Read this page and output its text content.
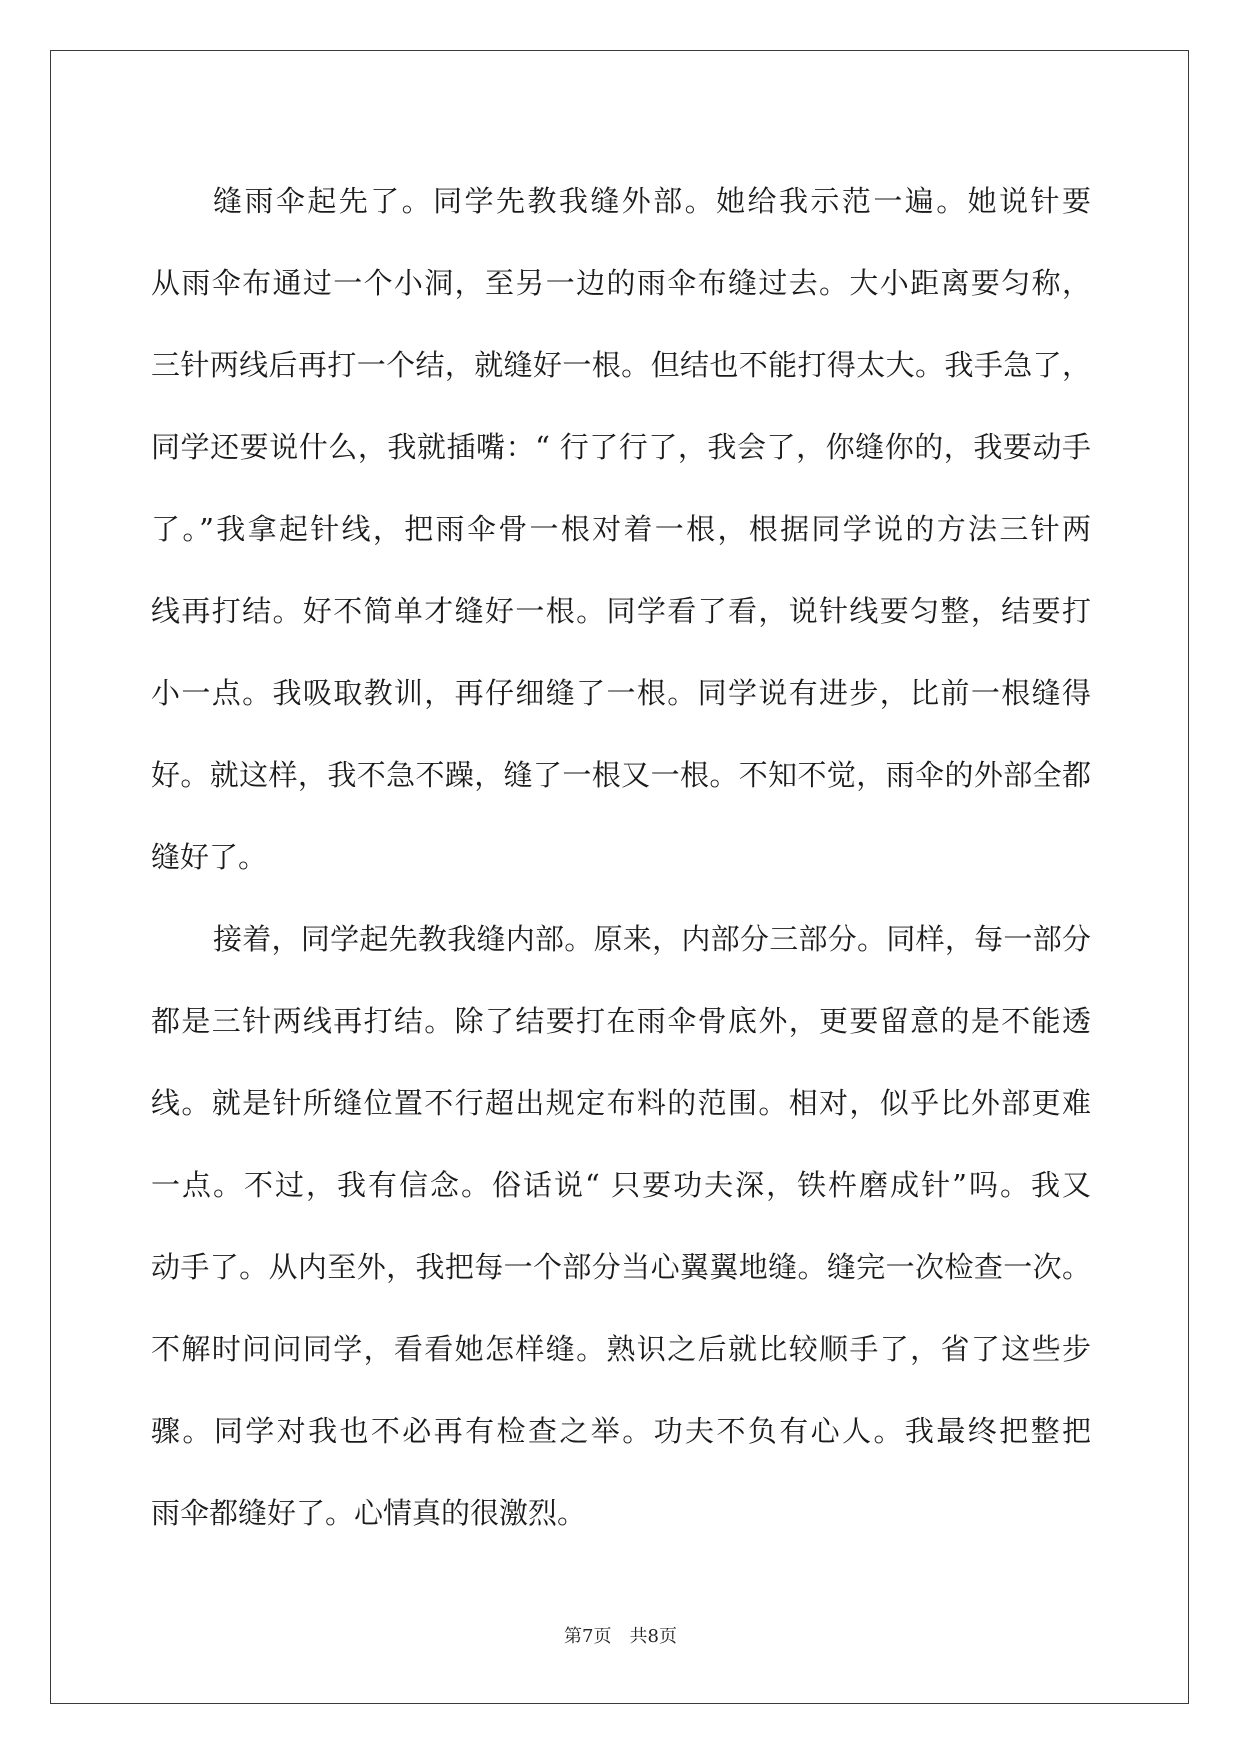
缝雨伞起先了。同学先教我缝外部。她给我示范一遍。她说针要
从雨伞布通过一个小洞，至另一边的雨伞布缝过去。大小距离要匀称，
三针两线后再打一个结，就缝好一根。但结也不能打得太大。我手急了，
同学还要说什么，我就插嘴：“ 行了行了，我会了，你缝你的，我要动手
了。”我拿起针线，把雨伞骨一根对着一根，根据同学说的方法三针两
线再打结。好不简单才缝好一根。同学看了看，说针线要匀整，结要打
小一点。我吸取教训，再仔细缝了一根。同学说有进步，比前一根缝得
好。就这样，我不急不躁，缝了一根又一根。不知不觉，雨伞的外部全都
缝好了。
接着，同学起先教我缝内部。原来，内部分三部分。同样，每一部分
都是三针两线再打结。除了结要打在雨伞骨底外，更要留意的是不能透
线。就是针所缝位置不行超出规定布料的范围。相对，似乎比外部更难
一点。不过，我有信念。俗话说“ 只要功夫深，铁杵磨成针”吗。我又
动手了。从内至外，我把每一个部分当心翼翼地缝。缝完一次检查一次。
不解时问问同学，看看她怎样缝。熟识之后就比较顺手了，省了这些步
骤。同学对我也不必再有检查之举。功夫不负有心人。我最终把整把
雨伞都缝好了。心情真的很激烈。
第7页 共8页
